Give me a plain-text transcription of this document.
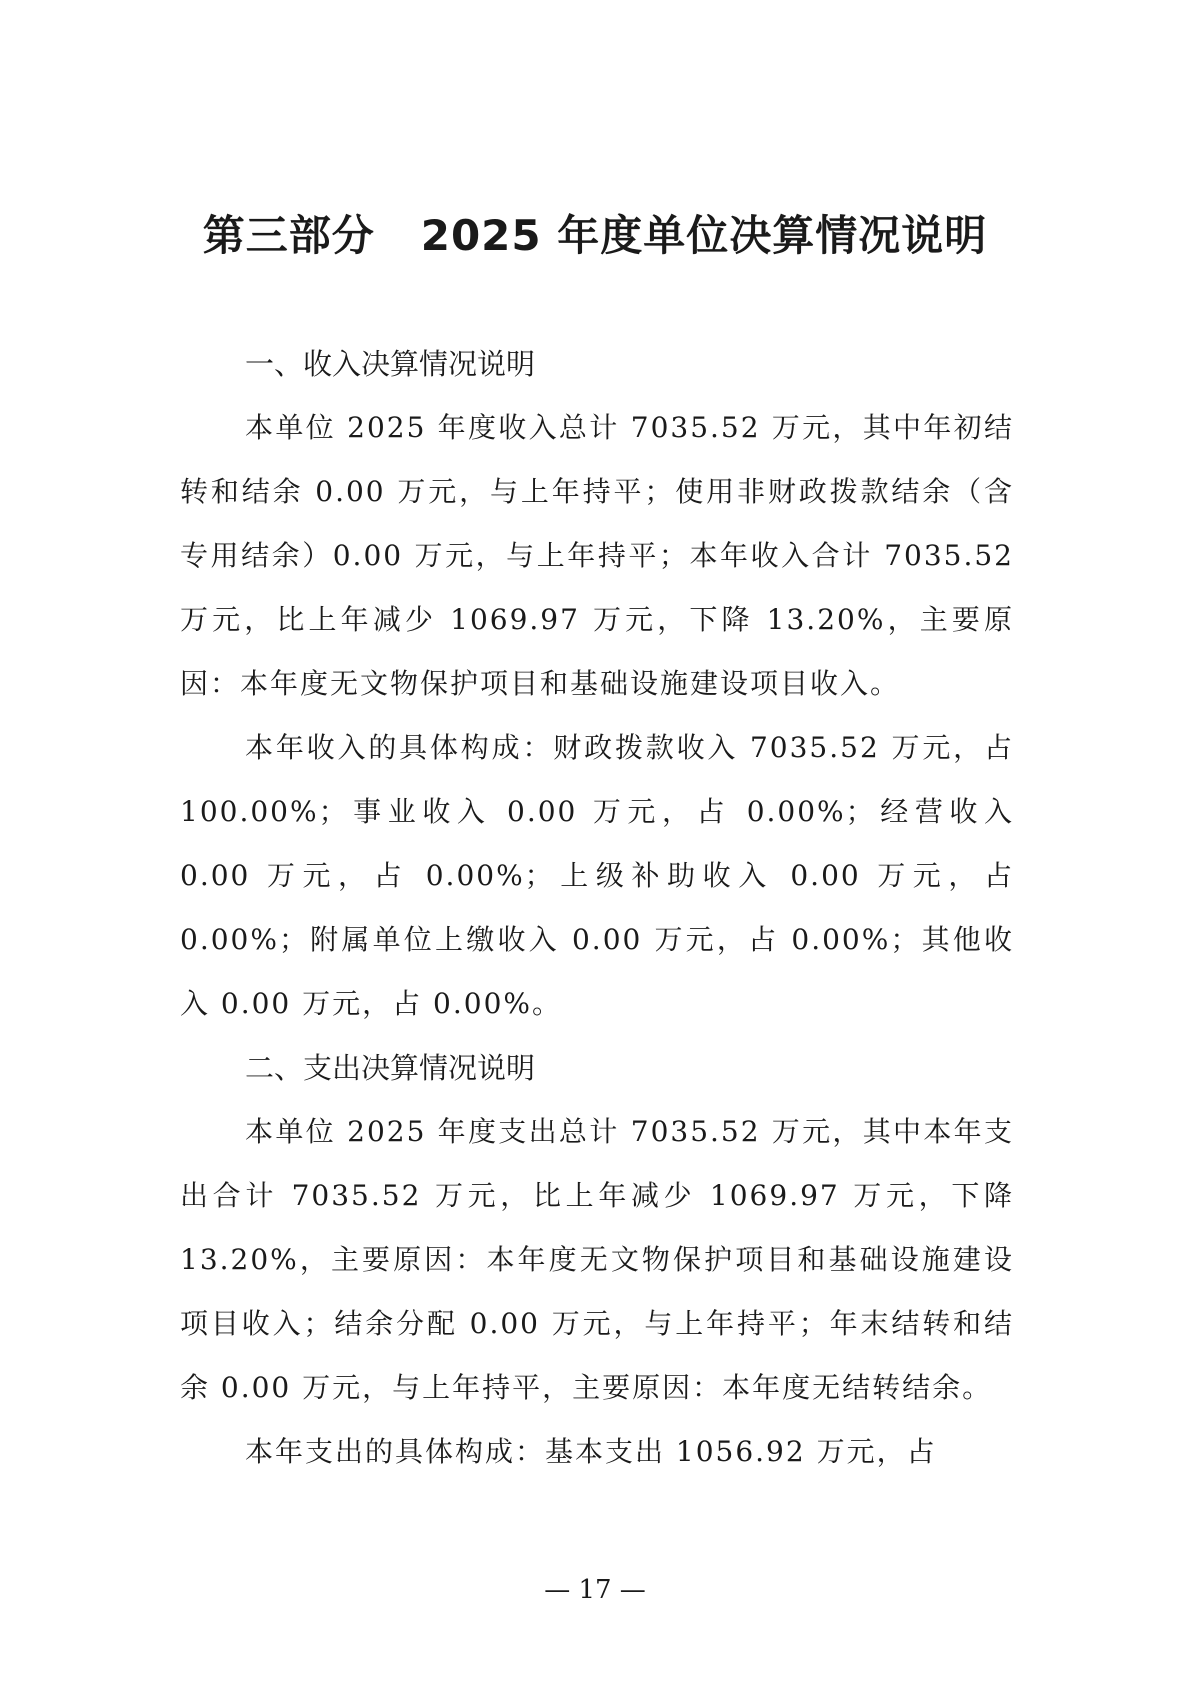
第三部分 2025 年度单位决算情况说明

一、收入决算情况说明

本单位 2025 年度收入总计 7035.52 万元，其中年初结转和结余 0.00 万元，与上年持平；使用非财政拨款结余（含专用结余）0.00 万元，与上年持平；本年收入合计 7035.52 万元，比上年减少 1069.97 万元，下降 13.20%，主要原因：本年度无文物保护项目和基础设施建设项目收入。

本年收入的具体构成：财政拨款收入 7035.52 万元，占 100.00%；事业收入 0.00 万元，占 0.00%；经营收入 0.00 万元，占 0.00%；上级补助收入 0.00 万元，占 0.00%；附属单位上缴收入 0.00 万元，占 0.00%；其他收入 0.00 万元，占 0.00%。

二、支出决算情况说明

本单位 2025 年度支出总计 7035.52 万元，其中本年支出合计 7035.52 万元，比上年减少 1069.97 万元，下降 13.20%，主要原因：本年度无文物保护项目和基础设施建设项目收入；结余分配 0.00 万元，与上年持平；年末结转和结余 0.00 万元，与上年持平，主要原因：本年度无结转结余。

本年支出的具体构成：基本支出 1056.92 万元，占

— 17 —
